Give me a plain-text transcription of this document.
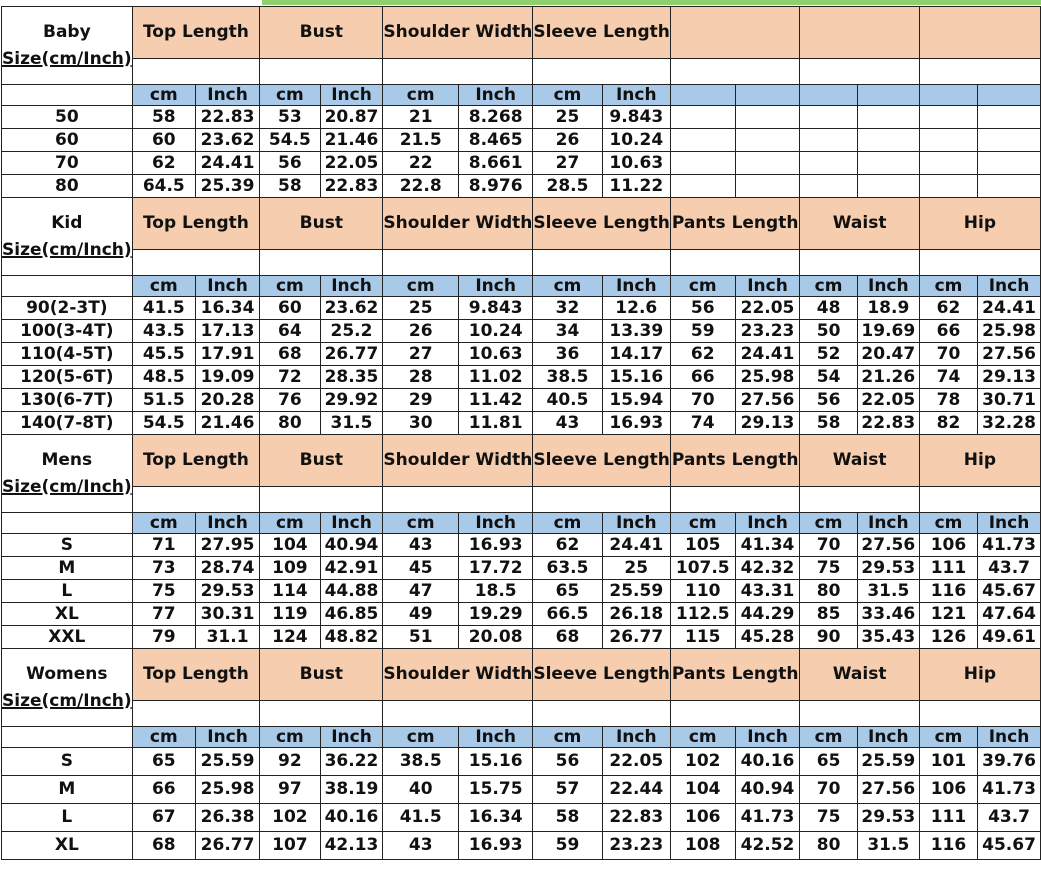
Baby
Size(cm/Inch)	Top Length		Bust		Shoulder Width		Sleeve Length							

	cm	Inch	cm	Inch	cm	Inch	cm	Inch						
50	58	22.83	53	20.87	21	8.268	25	9.843						
60	60	23.62	54.5	21.46	21.5	8.465	26	10.24						
70	62	24.41	56	22.05	22	8.661	27	10.63						
80	64.5	25.39	58	22.83	22.8	8.976	28.5	11.22						

Kid
Size(cm/Inch)	Top Length		Bust		Shoulder Width		Sleeve Length		Pants Length		Waist		Hip	

	cm	Inch	cm	Inch	cm	Inch	cm	Inch	cm	Inch	cm	Inch	cm	Inch
90(2-3T)	41.5	16.34	60	23.62	25	9.843	32	12.6	56	22.05	48	18.9	62	24.41
100(3-4T)	43.5	17.13	64	25.2	26	10.24	34	13.39	59	23.23	50	19.69	66	25.98
110(4-5T)	45.5	17.91	68	26.77	27	10.63	36	14.17	62	24.41	52	20.47	70	27.56
120(5-6T)	48.5	19.09	72	28.35	28	11.02	38.5	15.16	66	25.98	54	21.26	74	29.13
130(6-7T)	51.5	20.28	76	29.92	29	11.42	40.5	15.94	70	27.56	56	22.05	78	30.71
140(7-8T)	54.5	21.46	80	31.5	30	11.81	43	16.93	74	29.13	58	22.83	82	32.28

Mens
Size(cm/Inch)	Top Length		Bust		Shoulder Width		Sleeve Length		Pants Length		Waist		Hip	

	cm	Inch	cm	Inch	cm	Inch	cm	Inch	cm	Inch	cm	Inch	cm	Inch
S	71	27.95	104	40.94	43	16.93	62	24.41	105	41.34	70	27.56	106	41.73
M	73	28.74	109	42.91	45	17.72	63.5	25	107.5	42.32	75	29.53	111	43.7
L	75	29.53	114	44.88	47	18.5	65	25.59	110	43.31	80	31.5	116	45.67
XL	77	30.31	119	46.85	49	19.29	66.5	26.18	112.5	44.29	85	33.46	121	47.64
XXL	79	31.1	124	48.82	51	20.08	68	26.77	115	45.28	90	35.43	126	49.61

Womens
Size(cm/Inch)	Top Length		Bust		Shoulder Width		Sleeve Length		Pants Length		Waist		Hip	

	cm	Inch	cm	Inch	cm	Inch	cm	Inch	cm	Inch	cm	Inch	cm	Inch
S	65	25.59	92	36.22	38.5	15.16	56	22.05	102	40.16	65	25.59	101	39.76
M	66	25.98	97	38.19	40	15.75	57	22.44	104	40.94	70	27.56	106	41.73
L	67	26.38	102	40.16	41.5	16.34	58	22.83	106	41.73	75	29.53	111	43.7
XL	68	26.77	107	42.13	43	16.93	59	23.23	108	42.52	80	31.5	116	45.67
